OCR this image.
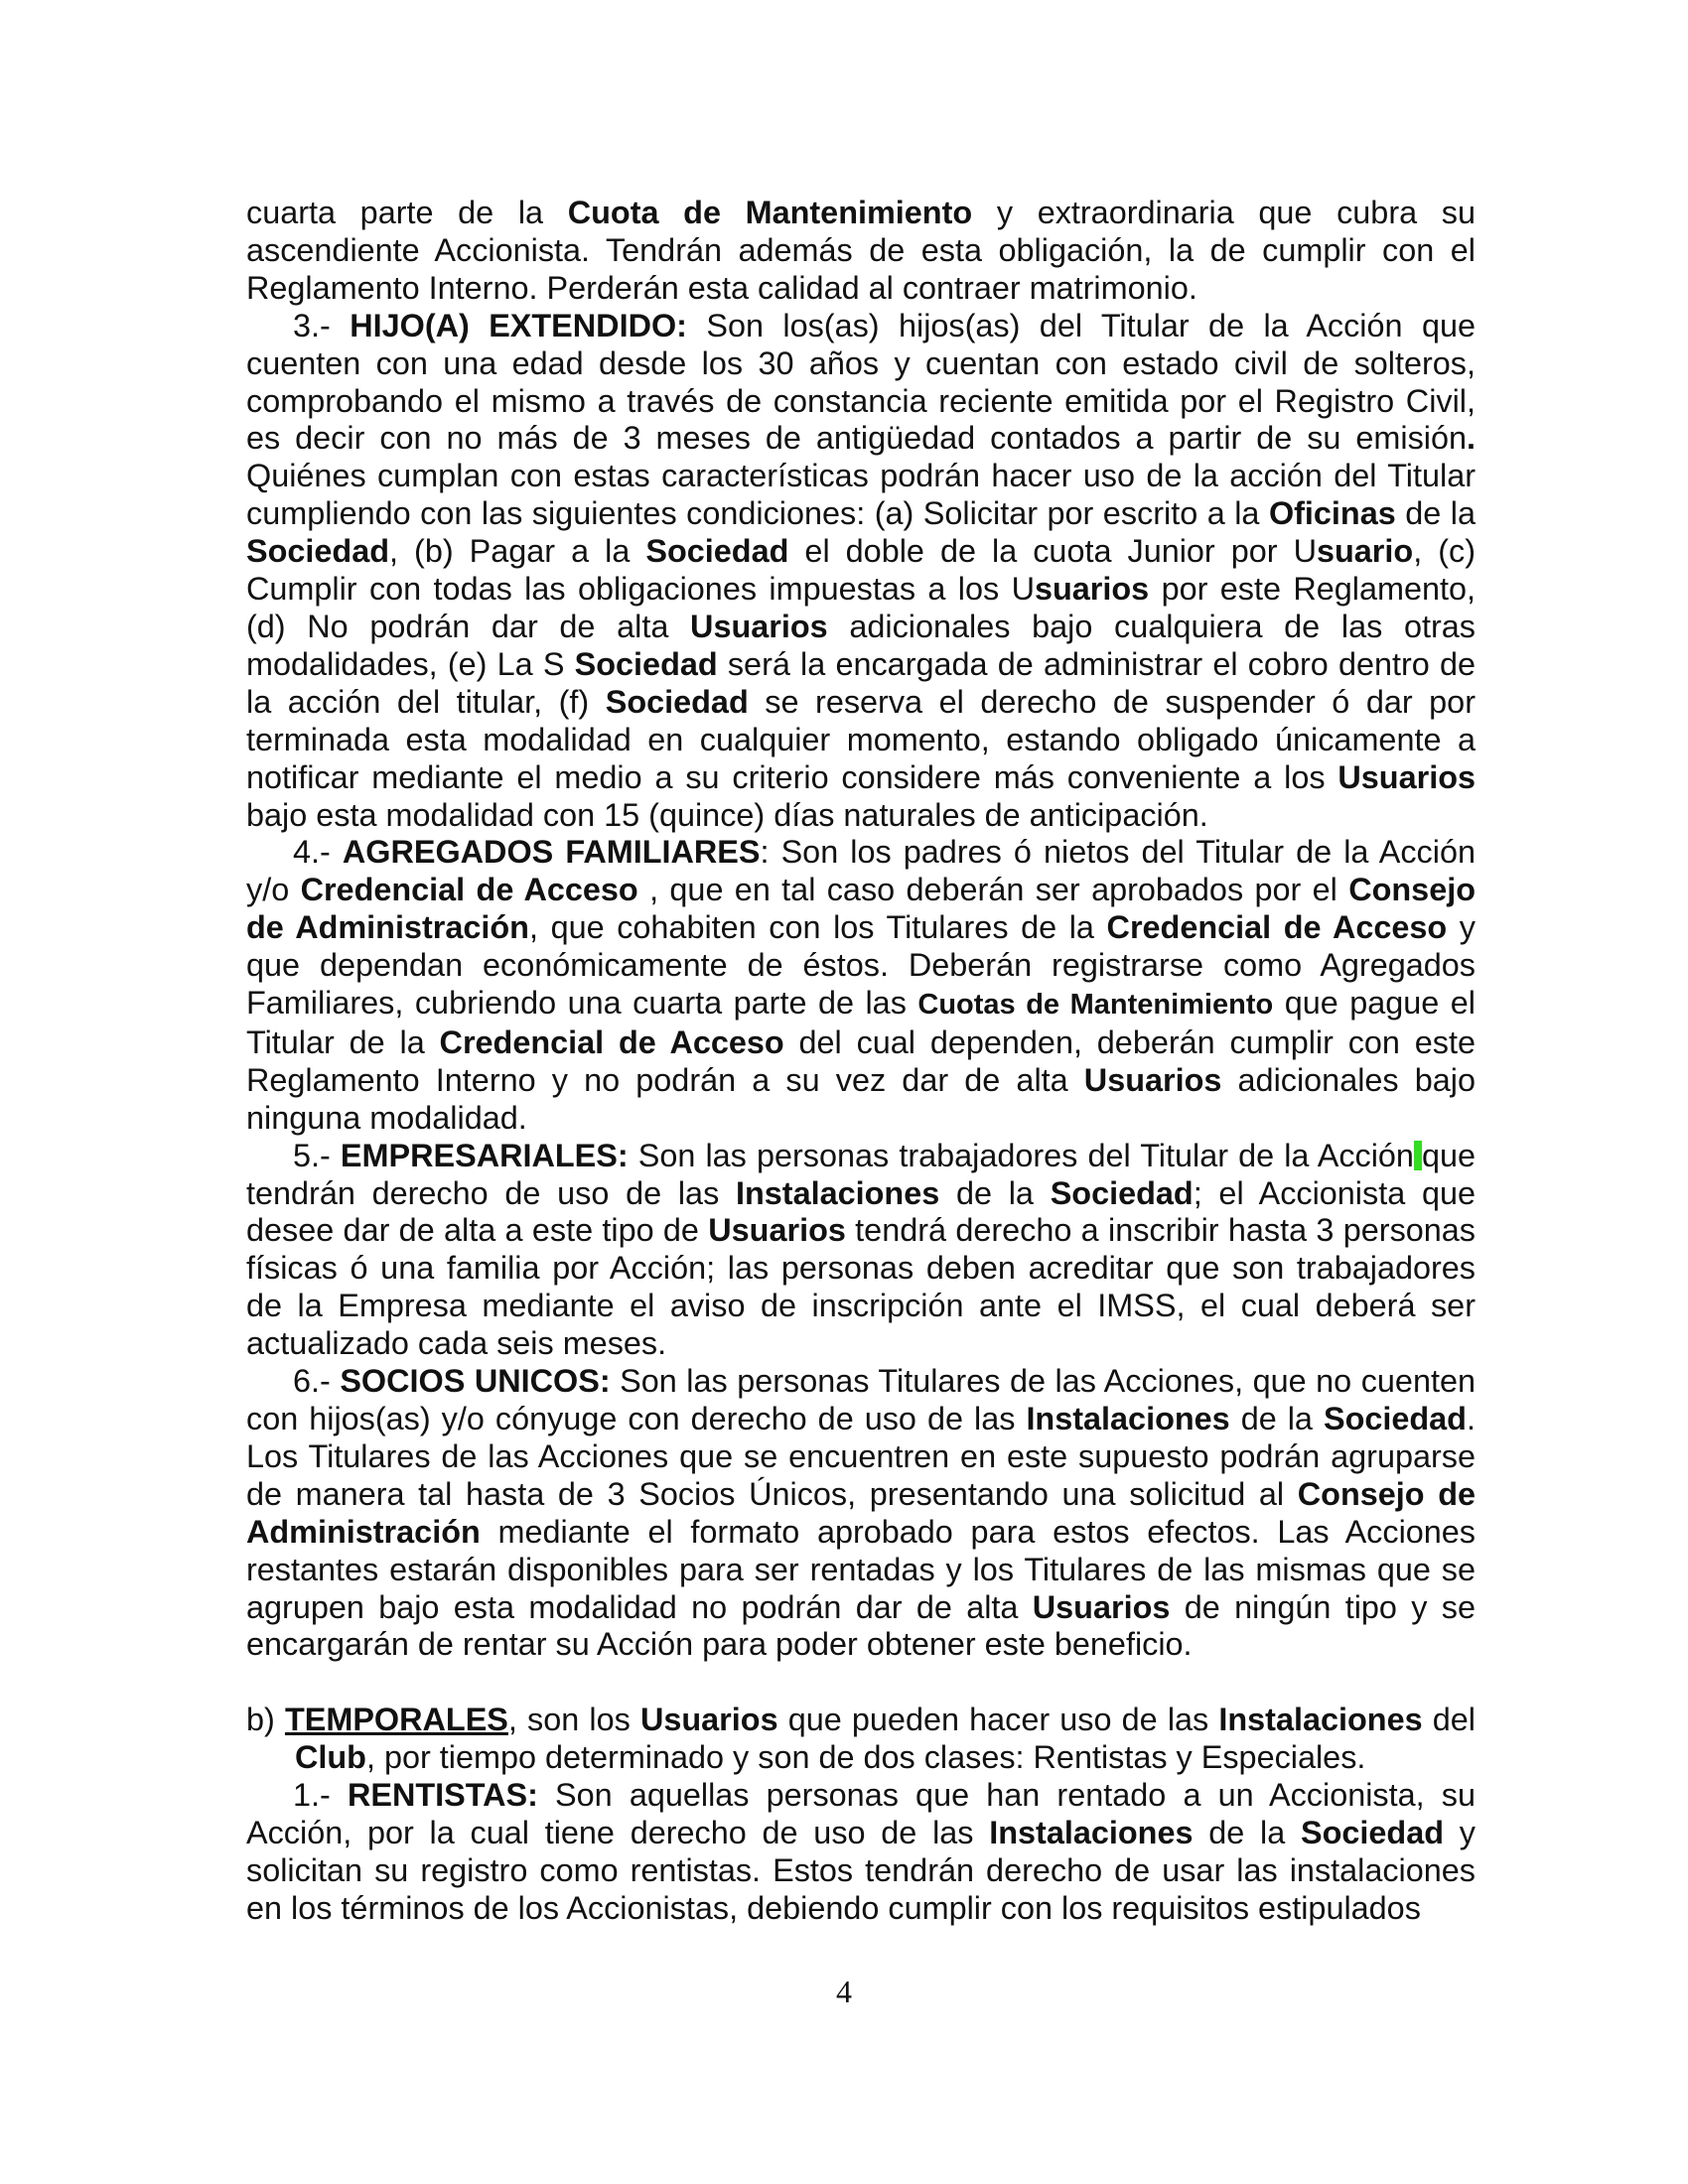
cuarta parte de la Cuota de Mantenimiento y extraordinaria que cubra su ascendiente Accionista. Tendrán además de esta obligación, la de cumplir con el Reglamento Interno. Perderán esta calidad al contraer matrimonio.

3.- HIJO(A) EXTENDIDO: Son los(as) hijos(as) del Titular de la Acción que cuenten con una edad desde los 30 años y cuentan con estado civil de solteros, comprobando el mismo a través de constancia reciente emitida por el Registro Civil, es decir con no más de 3 meses de antigüedad contados a partir de su emisión. Quiénes cumplan con estas características podrán hacer uso de la acción del Titular cumpliendo con las siguientes condiciones: (a) Solicitar por escrito a la Oficinas de la Sociedad, (b) Pagar a la Sociedad el doble de la cuota Junior por Usuario, (c) Cumplir con todas las obligaciones impuestas a los Usuarios por este Reglamento,(d) No podrán dar de alta Usuarios adicionales bajo cualquiera de las otras modalidades, (e) La S Sociedad será la encargada de administrar el cobro dentro de la acción del titular, (f) Sociedad se reserva el derecho de suspender ó dar por terminada esta modalidad en cualquier momento, estando obligado únicamente a notificar mediante el medio a su criterio considere más conveniente a los Usuarios bajo esta modalidad con 15 (quince) días naturales de anticipación.

4.- AGREGADOS FAMILIARES: Son los padres ó nietos del Titular de la Acción y/o Credencial de Acceso , que en tal caso deberán ser aprobados por el Consejo de Administración, que cohabiten con los Titulares de la Credencial de Acceso y que dependan económicamente de éstos. Deberán registrarse como Agregados Familiares, cubriendo una cuarta parte de las Cuotas de Mantenimiento que pague el Titular de la Credencial de Acceso del cual dependen, deberán cumplir con este Reglamento Interno y no podrán a su vez dar de alta Usuarios adicionales bajo ninguna modalidad.

5.- EMPRESARIALES: Son las personas trabajadores del Titular de la Acción que tendrán derecho de uso de las Instalaciones de la Sociedad; el Accionista que desee dar de alta a este tipo de Usuarios tendrá derecho a inscribir hasta 3 personas físicas ó una familia por Acción; las personas deben acreditar que son trabajadores de la Empresa mediante el aviso de inscripción ante el IMSS, el cual deberá ser actualizado cada seis meses.

6.- SOCIOS UNICOS: Son las personas Titulares de las Acciones, que no cuenten con hijos(as) y/o cónyuge con derecho de uso de las Instalaciones de la Sociedad. Los Titulares de las Acciones que se encuentren en este supuesto podrán agruparse de manera tal hasta de 3 Socios Únicos, presentando una solicitud al Consejo de Administración mediante el formato aprobado para estos efectos. Las Acciones restantes estarán disponibles para ser rentadas y los Titulares de las mismas que se agrupen bajo esta modalidad no podrán dar de alta Usuarios de ningún tipo y se encargarán de rentar su Acción para poder obtener este beneficio.

b) TEMPORALES, son los Usuarios que pueden hacer uso de las Instalaciones del Club, por tiempo determinado y son de dos clases: Rentistas y Especiales.

1.- RENTISTAS: Son aquellas personas que han rentado a un Accionista, su Acción, por la cual tiene derecho de uso de las Instalaciones de la Sociedad y solicitan su registro como rentistas. Estos tendrán derecho de usar las instalaciones en los términos de los Accionistas, debiendo cumplir con los requisitos estipulados

4
